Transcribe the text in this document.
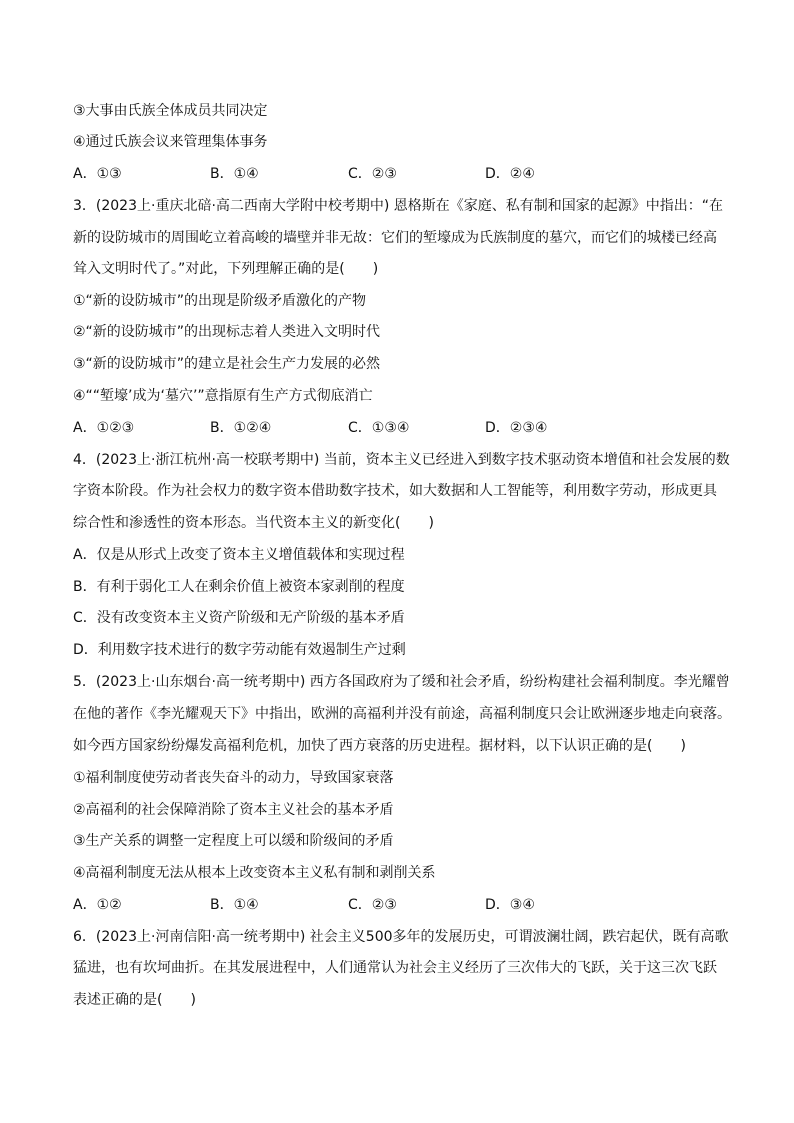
③大事由氏族全体成员共同决定
④通过氏族会议来管理集体事务
A．①③	B．①④	C．②③	D．②④
3．(2023上·重庆北碚·高二西南大学附中校考期中) 恩格斯在《家庭、私有制和国家的起源》中指出：“在
新的设防城市的周围屹立着高峻的墙壁并非无故：它们的堑壕成为氏族制度的墓穴，而它们的城楼已经高
耸入文明时代了。”对此，下列理解正确的是(　　)
①“新的设防城市”的出现是阶级矛盾激化的产物
②“新的设防城市”的出现标志着人类进入文明时代
③“新的设防城市”的建立是社会生产力发展的必然
④““堑壕’成为‘墓穴’”意指原有生产方式彻底消亡
A．①②③	B．①②④	C．①③④	D．②③④
4．(2023上·浙江杭州·高一校联考期中) 当前，资本主义已经进入到数字技术驱动资本增值和社会发展的数
字资本阶段。作为社会权力的数字资本借助数字技术，如大数据和人工智能等，利用数字劳动，形成更具
综合性和渗透性的资本形态。当代资本主义的新变化(　　)
A．仅是从形式上改变了资本主义增值载体和实现过程
B．有利于弱化工人在剩余价值上被资本家剥削的程度
C．没有改变资本主义资产阶级和无产阶级的基本矛盾
D．利用数字技术进行的数字劳动能有效遏制生产过剩
5．(2023上·山东烟台·高一统考期中) 西方各国政府为了缓和社会矛盾，纷纷构建社会福利制度。李光耀曾
在他的著作《李光耀观天下》中指出，欧洲的高福利并没有前途，高福利制度只会让欧洲逐步地走向衰落。
如今西方国家纷纷爆发高福利危机，加快了西方衰落的历史进程。据材料，以下认识正确的是(　　)
①福利制度使劳动者丧失奋斗的动力，导致国家衰落
②高福利的社会保障消除了资本主义社会的基本矛盾
③生产关系的调整一定程度上可以缓和阶级间的矛盾
④高福利制度无法从根本上改变资本主义私有制和剥削关系
A．①②	B．①④	C．②③	D．③④
6．(2023上·河南信阳·高一统考期中) 社会主义500多年的发展历史，可谓波澜壮阔，跌宕起伏，既有高歌
猛进，也有坎坷曲折。在其发展进程中，人们通常认为社会主义经历了三次伟大的飞跃，关于这三次飞跃
表述正确的是(　　)
